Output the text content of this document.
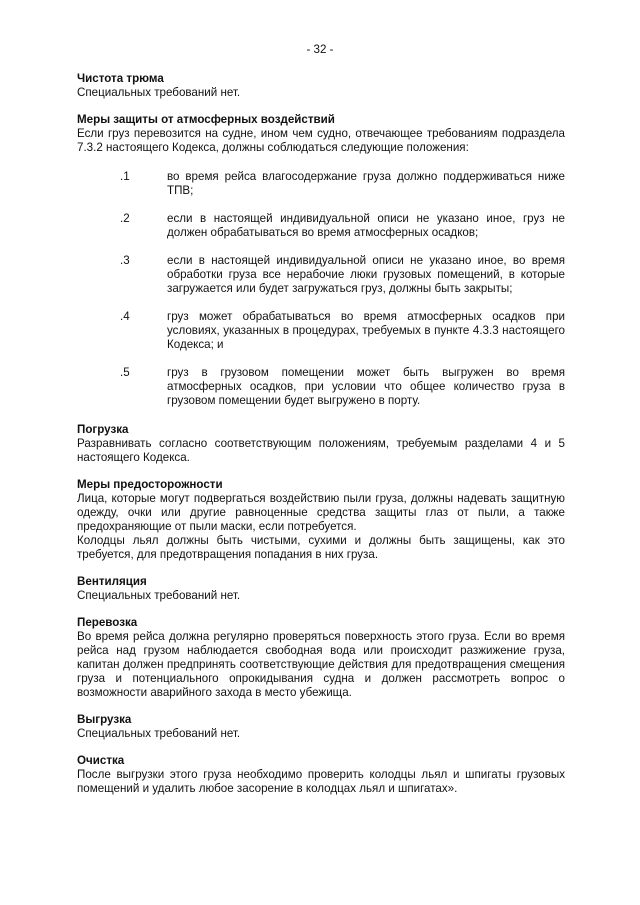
- 32 -

Чистота трюма

Специальных требований нет.

Меры защиты от атмосферных воздействий

Если груз перевозится на судне, ином чем судно, отвечающее требованиям подраздела 7.3.2 настоящего Кодекса, должны соблюдаться следующие положения:

.1	во время рейса влагосодержание груза должно поддерживаться ниже ТПВ;
.2	если в настоящей индивидуальной описи не указано иное, груз не должен обрабатываться во время атмосферных осадков;
.3	если в настоящей индивидуальной описи не указано иное, во время обработки груза все нерабочие люки грузовых помещений, в которые загружается или будет загружаться груз, должны быть закрыты;
.4	груз может обрабатываться во время атмосферных осадков при условиях, указанных в процедурах, требуемых в пункте 4.3.3 настоящего Кодекса; и
.5	груз в грузовом помещении может быть выгружен во время атмосферных осадков, при условии что общее количество груза в грузовом помещении будет выгружено в порту.

Погрузка

Разравнивать согласно соответствующим положениям, требуемым разделами 4 и 5 настоящего Кодекса.

Меры предосторожности

Лица, которые могут подвергаться воздействию пыли груза, должны надевать защитную одежду, очки или другие равноценные средства защиты глаз от пыли, а также предохраняющие от пыли маски, если потребуется.

Колодцы льял должны быть чистыми, сухими и должны быть защищены, как это требуется, для предотвращения попадания в них груза.

Вентиляция

Специальных требований нет.

Перевозка

Во время рейса должна регулярно проверяться поверхность этого груза. Если во время рейса над грузом наблюдается свободная вода или происходит разжижение груза, капитан должен предпринять соответствующие действия для предотвращения смещения груза и потенциального опрокидывания судна и должен рассмотреть вопрос о возможности аварийного захода в место убежища.

Выгрузка

Специальных требований нет.

Очистка

После выгрузки этого груза необходимо проверить колодцы льял и шпигаты грузовых помещений и удалить любое засорение в колодцах льял и шпигатах».
